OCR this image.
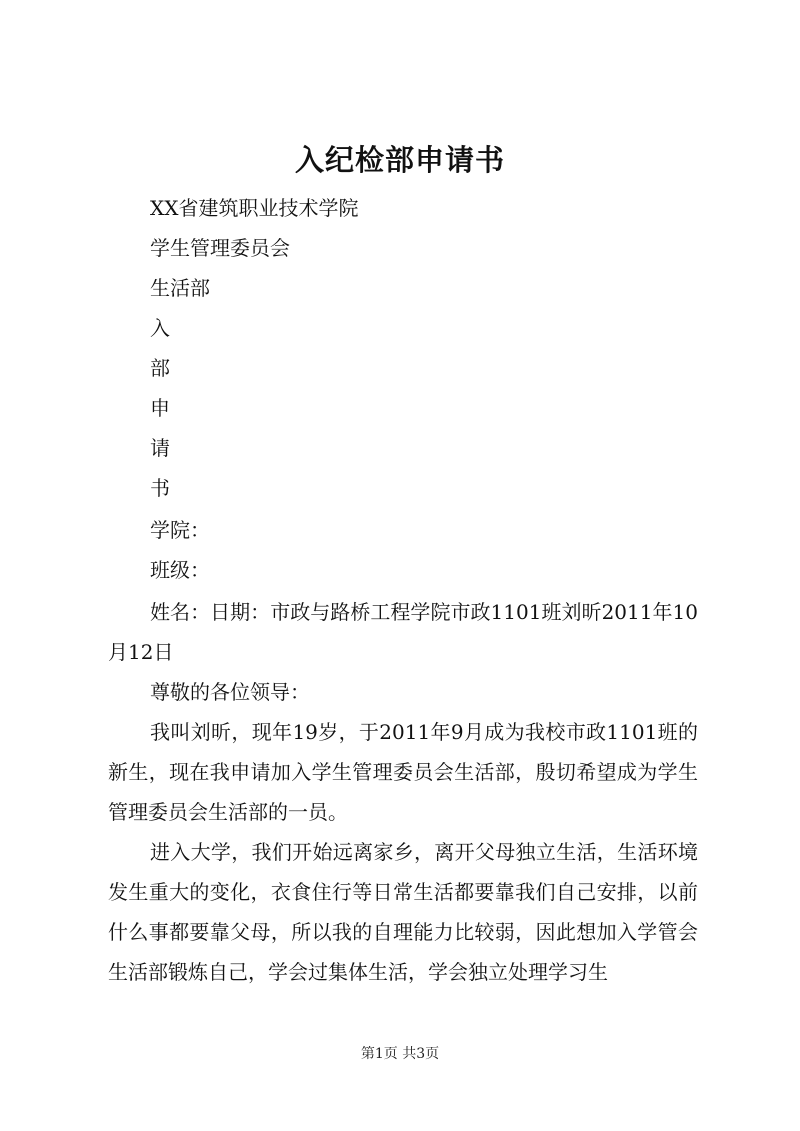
入纪检部申请书

XX省建筑职业技术学院

学生管理委员会

生活部

入

部

申

请

书

学院：

班级：

姓名：日期：市政与路桥工程学院市政1101班刘昕2011年10月12日

尊敬的各位领导：

我叫刘昕，现年19岁，于2011年9月成为我校市政1101班的新生，现在我申请加入学生管理委员会生活部，殷切希望成为学生管理委员会生活部的一员。

进入大学，我们开始远离家乡，离开父母独立生活，生活环境发生重大的变化，衣食住行等日常生活都要靠我们自己安排，以前什么事都要靠父母，所以我的自理能力比较弱，因此想加入学管会生活部锻炼自己，学会过集体生活，学会独立处理学习生

第1页 共3页
